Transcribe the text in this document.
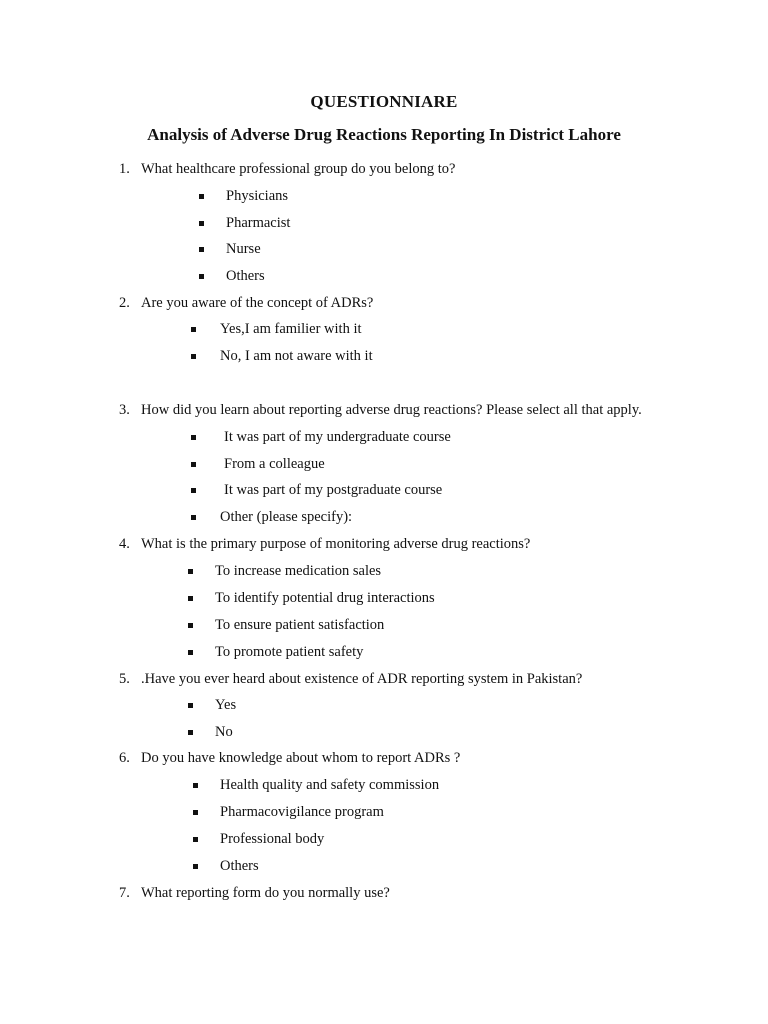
QUESTIONNIARE
Analysis of Adverse Drug Reactions Reporting In District Lahore
1. What healthcare professional group do you belong to?
Physicians
Pharmacist
Nurse
Others
2. Are you aware of the concept of ADRs?
Yes,I am familier with it
No, I am not aware with it
3. How did you learn about reporting adverse drug reactions? Please select all that apply.
It was part of my undergraduate course
From a colleague
It was part of my postgraduate course
Other (please specify):
4. What is the primary purpose of monitoring adverse drug reactions?
To increase medication sales
To identify potential drug interactions
To ensure patient satisfaction
To promote patient safety
5. .Have you ever heard about existence of ADR reporting system in Pakistan?
Yes
No
6. Do you have knowledge about whom to report ADRs ?
Health quality and safety commission
Pharmacovigilance program
Professional body
Others
7. What reporting form do you normally use?
